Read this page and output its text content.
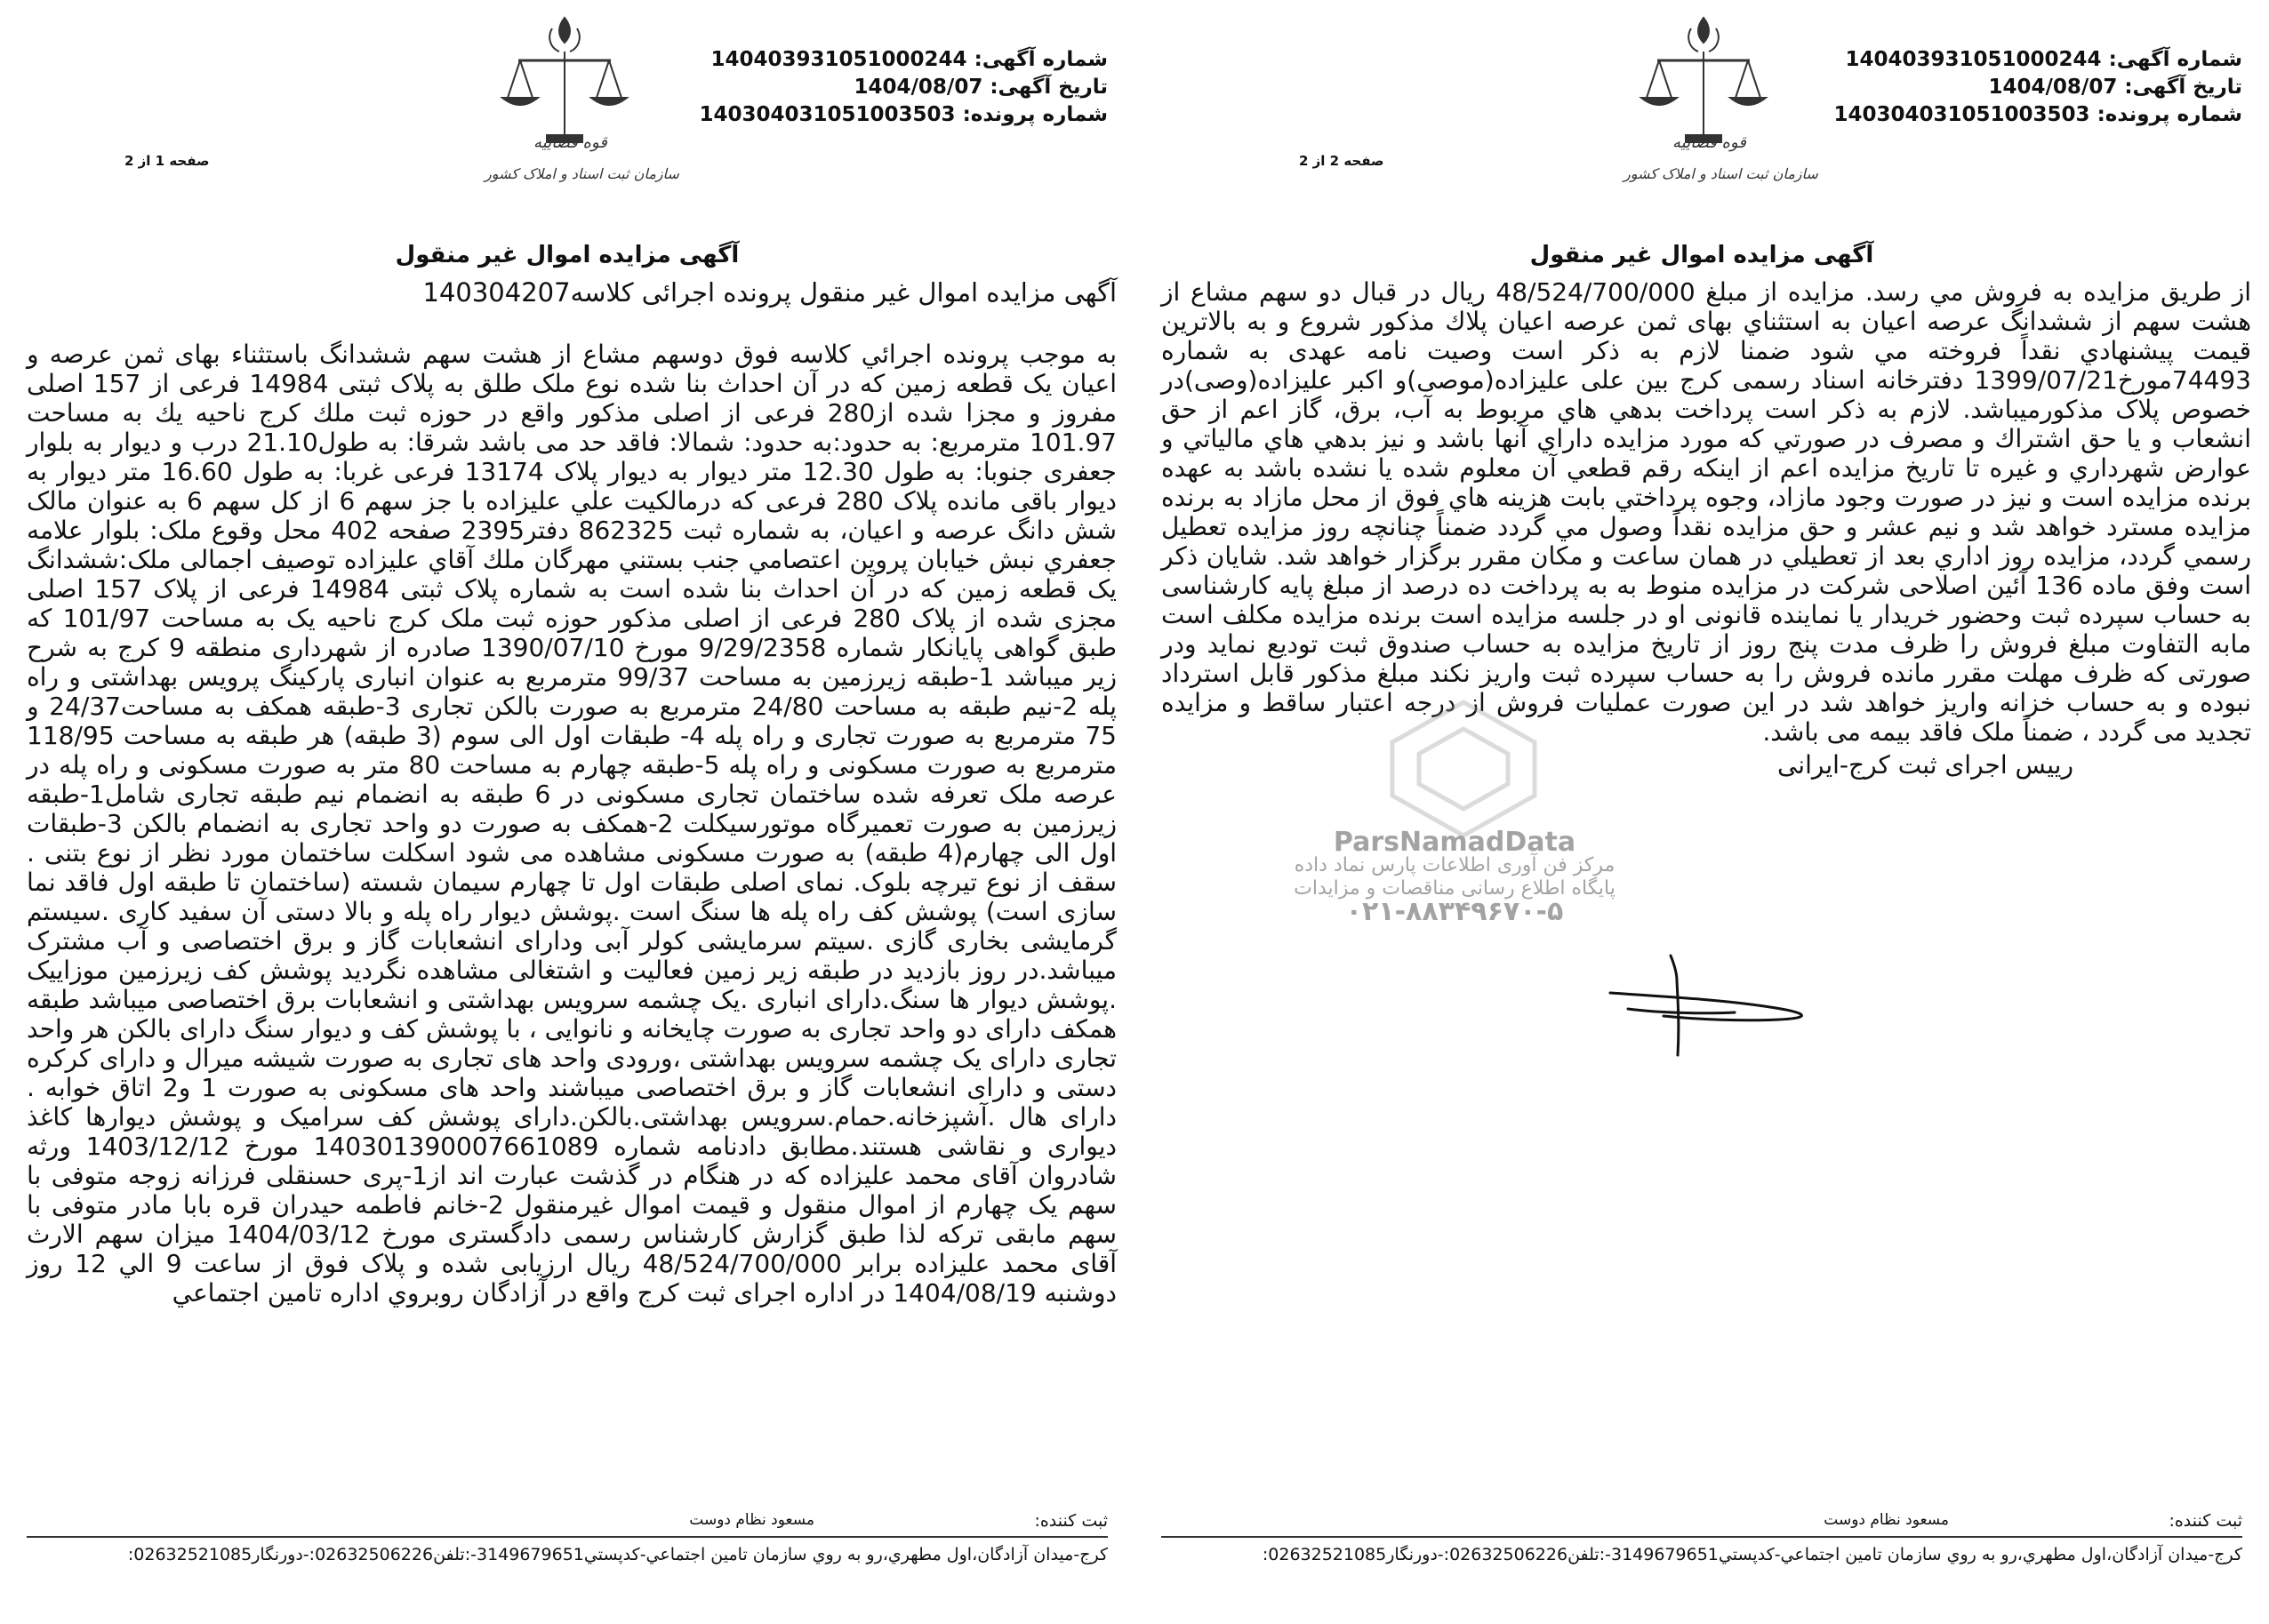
شماره آگهی: 140403931051000244
تاریخ آگهی: 1404/08/07
شماره پرونده: 140304031051003503
قوه قضاییه
سازمان ثبت اسناد و املاک کشور
صفحه 1 از 2
آگهی مزایده اموال غیر منقول
آگهی مزایده اموال غیر منقول پرونده اجرائی کلاسه140304207
به موجب پرونده اجرائي كلاسه فوق دوسهم مشاع از هشت سهم ششدانگ باستثناء بهای ثمن عرصه و اعيان يک قطعه زمين که در آن احداث بنا شده نوع ملک طلق به پلاک ثبتی 14984 فرعی از 157 اصلی مفروز و مجزا شده از280 فرعی از اصلی مذكور واقع در حوزه ثبت ملك كرج ناحيه يك به مساحت 101.97 مترمربع: به حدود:به حدود: شمالا: فاقد حد می باشد شرقا: به طول21.10 درب و ديوار به بلوار جعفری جنوبا: به طول 12.30 متر ديوار به ديوار پلاک 13174 فرعی غربا: به طول 16.60 متر ديوار به ديوار باقی مانده پلاک 280 فرعی که درمالكيت علي عليزاده با جز سهم 6 از كل سهم 6 به عنوان مالک شش دانگ عرصه و اعيان، به شماره ثبت 862325 دفتر2395 صفحه 402 محل وقوع ملک: بلوار علامه جعفري نبش خيابان پروين اعتصامي جنب بستني مهرگان ملك آقاي عليزاده توصيف اجمالی ملک:ششدانگ يک قطعه زمين که در آن احداث بنا شده است به شماره پلاک ثبتی 14984 فرعی از پلاک 157 اصلی مجزی شده از پلاک 280 فرعی از اصلی مذکور حوزه ثبت ملک کرج ناحيه يک به مساحت 101/97 که طبق گواهی پايانکار شماره 9/29/2358 مورخ 1390/07/10 صادره از شهرداری منطقه 9 کرج به شرح زير ميباشد 1-طبقه زيرزمين به مساحت 99/37 مترمربع به عنوان انباری پارکينگ پرويس بهداشتی و راه پله 2-نيم طبقه به مساحت 24/80 مترمربع به صورت بالکن تجاری 3-طبقه همکف به مساحت24/37 و 75 مترمربع به صورت تجاری و راه پله 4- طبقات اول الی سوم (3 طبقه) هر طبقه به مساحت 118/95 مترمربع به صورت مسکونی و راه پله 5-طبقه چهارم به مساحت 80 متر به صورت مسکونی و راه پله در عرصه ملک تعرفه شده ساختمان تجاری مسکونی در 6 طبقه به انضمام نيم طبقه تجاری شامل1-طبقه زيرزمين به صورت تعميرگاه موتورسيکلت 2-همکف به صورت دو واحد تجاری به انضمام بالکن 3-طبقات اول الی چهارم(4 طبقه) به صورت مسکونی مشاهده می شود اسکلت ساختمان مورد نظر از نوع بتنی . سقف از نوع تيرچه بلوک. نمای اصلی طبقات اول تا چهارم سيمان شسته (ساختمان تا طبقه اول فاقد نما سازی است) پوشش کف راه پله ها سنگ است .پوشش ديوار راه پله و بالا دستی آن سفيد کاری .سيستم گرمايشی بخاری گازی .سيتم سرمايشی کولر آبی ودارای انشعابات گاز و برق اختصاصی و آب مشترک ميباشد.در روز بازديد در طبقه زير زمين فعاليت و اشتغالی مشاهده نگرديد پوشش کف زيرزمين موزاييک .پوشش ديوار ها سنگ.دارای انباری .يک چشمه سرويس بهداشتی و انشعابات برق اختصاصی ميباشد طبقه همکف دارای دو واحد تجاری به صورت چايخانه و نانوايی ، با پوشش کف و ديوار سنگ دارای بالکن هر واحد تجاری دارای يک چشمه سرويس بهداشتی ،ورودی واحد های تجاری به صورت شيشه ميرال و دارای کرکره دستی و دارای انشعابات گاز و برق اختصاصی ميباشند واحد های مسکونی به صورت 1 و2 اتاق خوابه . دارای هال .آشپزخانه.حمام.سرويس بهداشتی.بالکن.دارای پوشش کف سراميک و پوشش ديوارها کاغذ ديواری و نقاشی هستند.مطابق دادنامه شماره 140301390007661089 مورخ 1403/12/12 ورثه شادروان آقای محمد عليزاده که در هنگام در گذشت عبارت اند از1-پری حسنقلی فرزانه زوجه متوفی با سهم يک چهارم از اموال منقول و قيمت اموال غيرمنقول 2-خانم فاطمه حيدران قره بابا مادر متوفی با سهم مابقی ترکه لذا طبق گزارش کارشناس رسمی دادگستری مورخ 1404/03/12 ميزان سهم الارث آقای محمد عليزاده برابر 48/524/700/000 ريال ارزيابی شده و پلاک فوق از ساعت 9 الي 12 روز دوشنبه 1404/08/19 در اداره اجرای ثبت کرج واقع در آزادگان روبروي اداره تامين اجتماعي
ثبت کننده:
مسعود نظام دوست
كرج-ميدان آزادگان،اول مطهري،رو به روي سازمان تامين اجتماعي-كدپستي3149679651-:تلفن02632506226:-دورنگار02632521085:
شماره آگهی: 140403931051000244
تاریخ آگهی: 1404/08/07
شماره پرونده: 140304031051003503
قوه قضاییه
سازمان ثبت اسناد و املاک کشور
صفحه 2 از 2
آگهی مزایده اموال غیر منقول
از طريق مزايده به فروش مي رسد. مزايده از مبلغ 48/524/700/000 ريال در قبال دو سهم مشاع از هشت سهم از ششدانگ عرصه اعيان به استثناي بهای ثمن عرصه اعيان پلاك مذكور شروع و به بالاترين قيمت پيشنهادي نقداً فروخته مي شود ضمنا لازم به ذكر است وصيت نامه عهدی به شماره 74493مورخ1399/07/21 دفترخانه اسناد رسمی کرج بين علی عليزاده(موصی)و اکبر عليزاده(وصی)در خصوص پلاک مذکورمیباشد. لازم به ذكر است پرداخت بدهي هاي مربوط به آب، برق، گاز اعم از حق انشعاب و يا حق اشتراك و مصرف در صورتي كه مورد مزايده داراي آنها باشد و نيز بدهي هاي مالياتي و عوارض شهرداري و غيره تا تاريخ مزايده اعم از اينكه رقم قطعي آن معلوم شده يا نشده باشد به عهده برنده مزايده است و نيز در صورت وجود مازاد، وجوه پرداختي بابت هزينه هاي فوق از محل مازاد به برنده مزايده مسترد خواهد شد و نيم عشر و حق مزايده نقداً وصول مي گردد ضمناً چنانچه روز مزايده تعطيل رسمي گردد، مزايده روز اداري بعد از تعطيلي در همان ساعت و مكان مقرر برگزار خواهد شد. شايان ذكر است وفق ماده 136 آئين اصلاحی شرکت در مزايده منوط به به پرداخت ده درصد از مبلغ پايه کارشناسی به حساب سپرده ثبت وحضور خريدار يا نماينده قانونی او در جلسه مزايده است برنده مزايده مکلف است مابه التفاوت مبلغ فروش را ظرف مدت پنج روز از تاريخ مزايده به حساب صندوق ثبت توديع نمايد ودر صورتی که ظرف مهلت مقرر مانده فروش را به حساب سپرده ثبت واريز نکند مبلغ مذکور قابل استرداد نبوده و به حساب خزانه واريز خواهد شد در اين صورت عمليات فروش از درجه اعتبار ساقط و مزايده تجديد می گردد ، ضمناً ملک فاقد بيمه می باشد.
رييس اجرای ثبت کرج-ايرانی
ParsNamadData
مرکز فن آوری اطلاعات پارس نماد داده
پایگاه اطلاع رسانی مناقصات و مزایدات
۰۲۱-۸۸۳۴۹۶۷۰-۵
ثبت کننده:
مسعود نظام دوست
كرج-ميدان آزادگان،اول مطهري،رو به روي سازمان تامين اجتماعي-كدپستي3149679651-:تلفن02632506226:-دورنگار02632521085:
